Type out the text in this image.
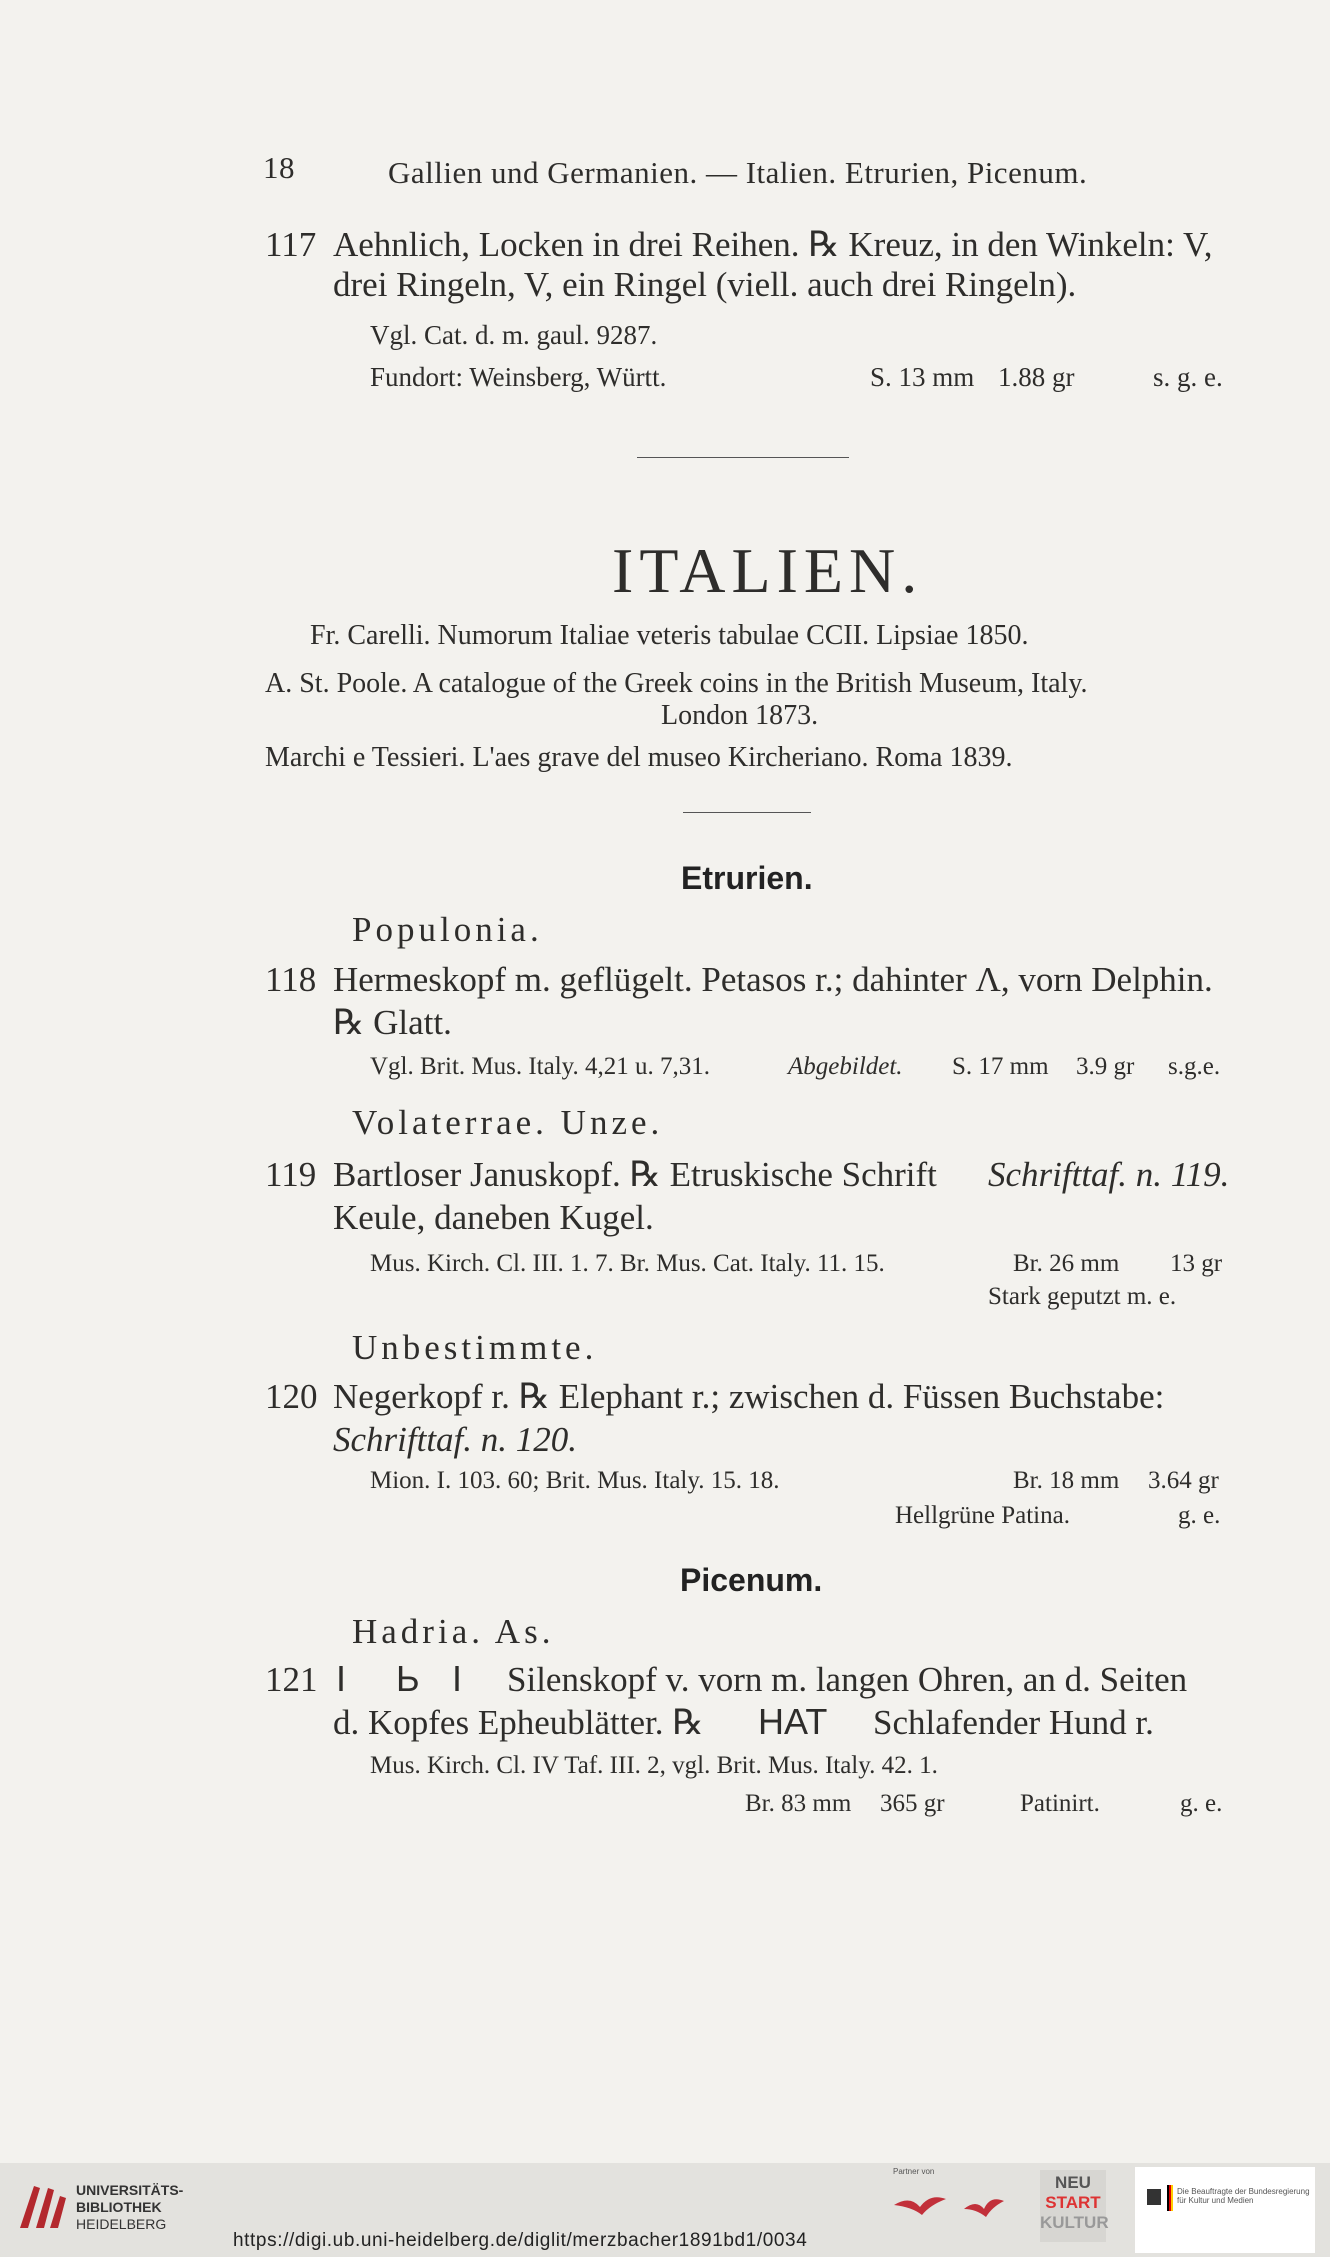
18	Gallien und Germanien. — Italien. Etrurien, Picenum.
117 Aehnlich, Locken in drei Reihen. ℞ Kreuz, in den Winkeln: V,
drei Ringeln, V, ein Ringel (viell. auch drei Ringeln).
Vgl. Cat. d. m. gaul. 9287.
Fundort: Weinsberg, Württ.	S. 13 mm 1.88 gr	s. g. e.
ITALIEN.
Fr. Carelli. Numorum Italiae veteris tabulae CCII. Lipsiae 1850.
A. St. Poole. A catalogue of the Greek coins in the British Museum, Italy.
London 1873.
Marchi e Tessieri. L'aes grave del museo Kircheriano. Roma 1839.
Etrurien.
Populonia.
118 Hermeskopf m. geflügelt. Petasos r.; dahinter Λ, vorn Delphin.
℞ Glatt.
Vgl. Brit. Mus. Italy. 4,21 u. 7,31.	Abgebildet. S. 17 mm 3.9 gr s.g.e.
Volaterrae. Unze.
119 Bartloser Januskopf. ℞ Etruskische Schrift Schrifttaf. n. 119.
Keule, daneben Kugel.
Mus. Kirch. Cl. III. 1. 7. Br. Mus. Cat. Italy. 11. 15.	Br. 26 mm 13 gr
Stark geputzt m. e.
Unbestimmte.
120 Negerkopf r. ℞ Elephant r.; zwischen d. Füssen Buchstabe:
Schrifttaf. n. 120.
Mion. I. 103. 60; Brit. Mus. Italy. 15. 18.	Br. 18 mm 3.64 gr
Hellgrüne Patina.	g. e.
Picenum.
Hadria. As.
121 I Ь I Silenskopf v. vorn m. langen Ohren, an d. Seiten
d. Kopfes Epheublätter. ℞ HAT Schlafender Hund r.
Mus. Kirch. Cl. IV Taf. III. 2, vgl. Brit. Mus. Italy. 42. 1.
Br. 83 mm 365 gr	Patinirt.	g. e.
UNIVERSITÄTS-
BIBLIOTHEK
HEIDELBERG
Partner von
NEU
START
KULTUR
Die Beauftragte der Bundesregierung
für Kultur und Medien
https://digi.ub.uni-heidelberg.de/diglit/merzbacher1891bd1/0034
